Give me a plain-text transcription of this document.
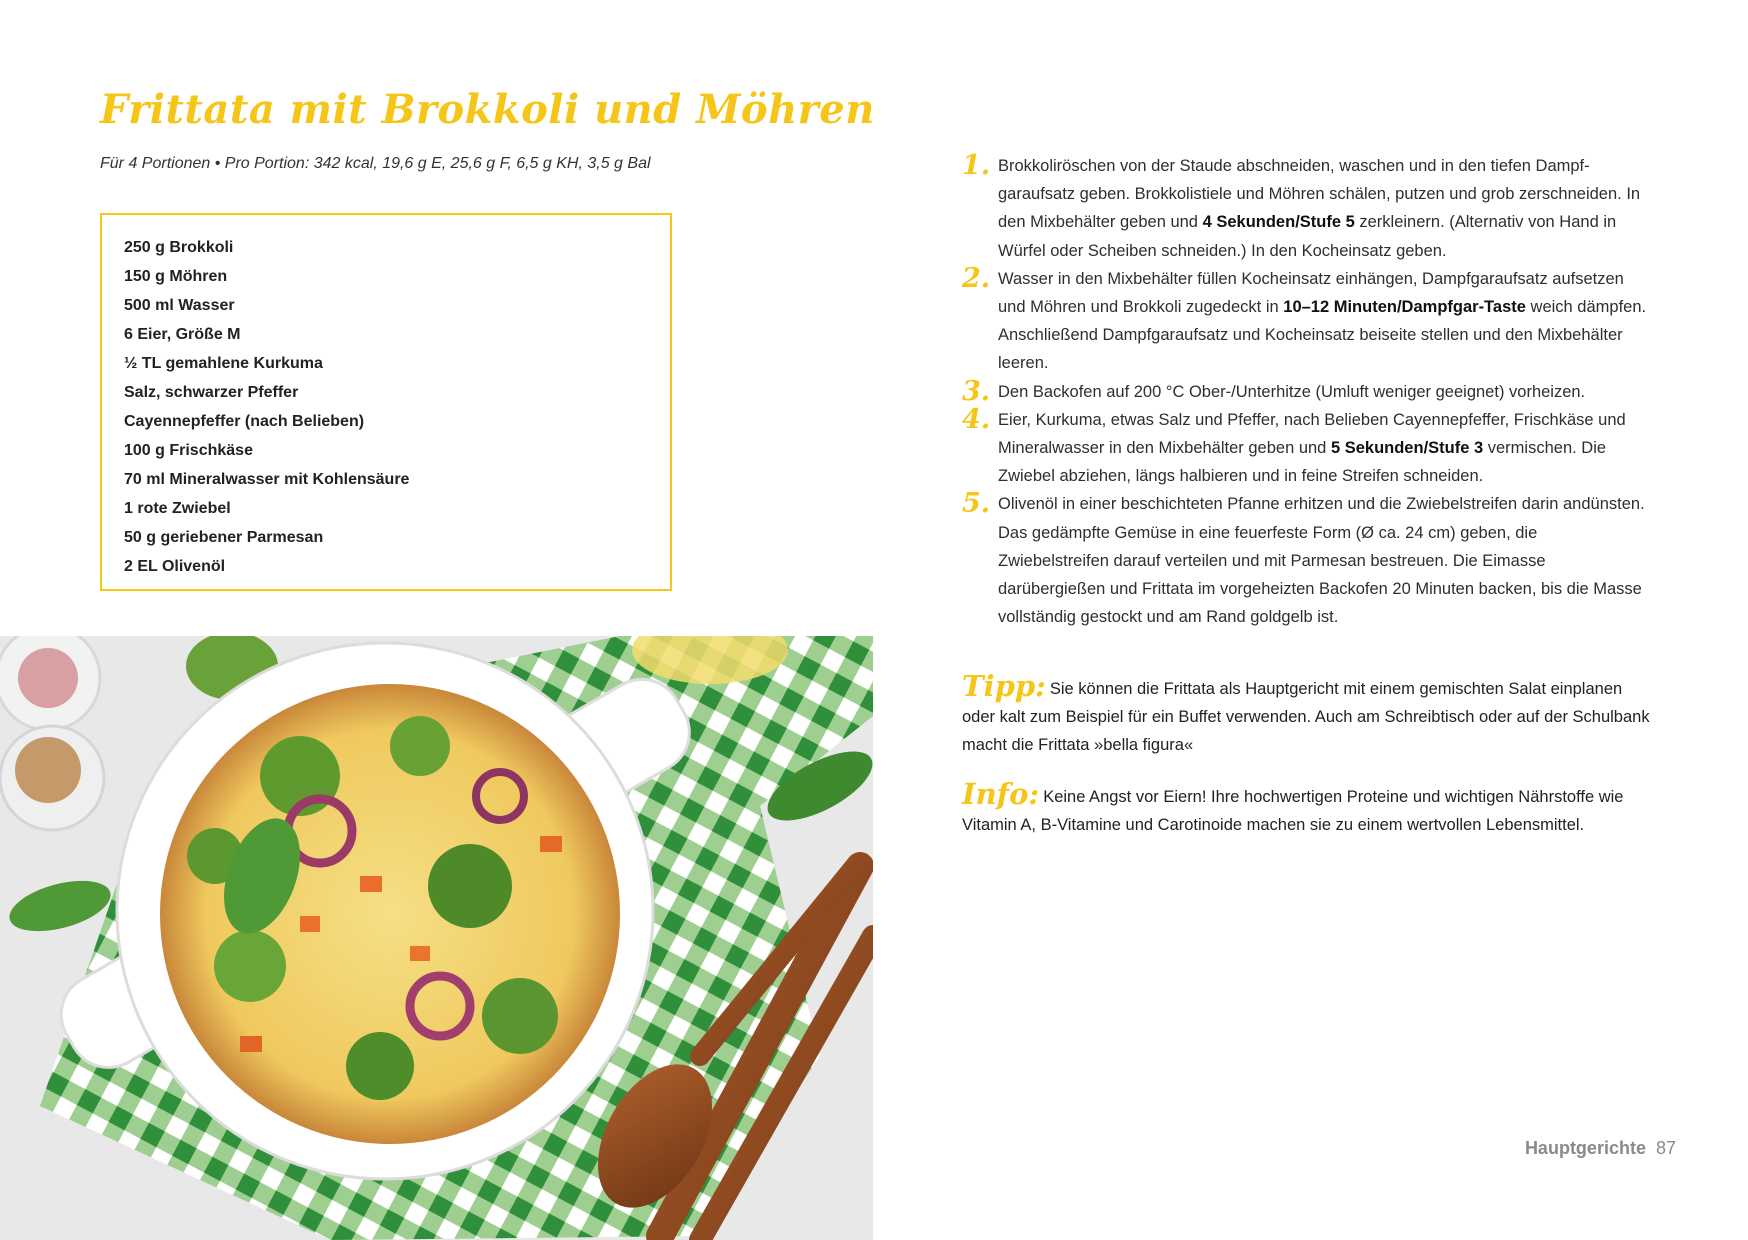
Frittata mit Brokkoli und Möhren
Für 4 Portionen • Pro Portion: 342 kcal, 19,6 g E, 25,6 g F, 6,5 g KH, 3,5 g Bal
250 g Brokkoli
150 g Möhren
500 ml Wasser
6 Eier, Größe M
½ TL gemahlene Kurkuma
Salz, schwarzer Pfeffer
Cayennepfeffer (nach Belieben)
100 g Frischkäse
70 ml Mineralwasser mit Kohlensäure
1 rote Zwiebel
50 g geriebener Parmesan
2 EL Olivenöl
1. Brokkoliröschen von der Staude abschneiden, waschen und in den tiefen Dampfgaraufsatz geben. Brokkolistiele und Möhren schälen, putzen und grob zerschneiden. In den Mixbehälter geben und 4 Sekunden/Stufe 5 zerkleinern. (Alternativ von Hand in Würfel oder Scheiben schneiden.) In den Kocheinsatz geben.
2. Wasser in den Mixbehälter füllen Kocheinsatz einhängen, Dampfgaraufsatz aufsetzen und Möhren und Brokkoli zugedeckt in 10–12 Minuten/Dampfgar-Taste weich dämpfen. Anschließend Dampfgaraufsatz und Kocheinsatz beiseite stellen und den Mixbehälter leeren.
3. Den Backofen auf 200 °C Ober-/Unterhitze (Umluft weniger geeignet) vorheizen.
4. Eier, Kurkuma, etwas Salz und Pfeffer, nach Belieben Cayennepfeffer, Frischkäse und Mineralwasser in den Mixbehälter geben und 5 Sekunden/Stufe 3 vermischen. Die Zwiebel abziehen, längs halbieren und in feine Streifen schneiden.
5. Olivenöl in einer beschichteten Pfanne erhitzen und die Zwiebelstreifen darin andünsten. Das gedämpfte Gemüse in eine feuerfeste Form (Ø ca. 24 cm) geben, die Zwiebelstreifen darauf verteilen und mit Parmesan bestreuen. Die Eimasse darübergießen und Frittata im vorgeheizten Backofen 20 Minuten backen, bis die Masse vollständig gestockt und am Rand goldgelb ist.
Tipp: Sie können die Frittata als Hauptgericht mit einem gemischten Salat einplanen oder kalt zum Beispiel für ein Buffet verwenden. Auch am Schreibtisch oder auf der Schulbank macht die Frittata »bella figura«
Info: Keine Angst vor Eiern! Ihre hochwertigen Proteine und wichtigen Nährstoffe wie Vitamin A, B-Vitamine und Carotinoide machen sie zu einem wertvollen Lebensmittel.
Hauptgerichte 87
